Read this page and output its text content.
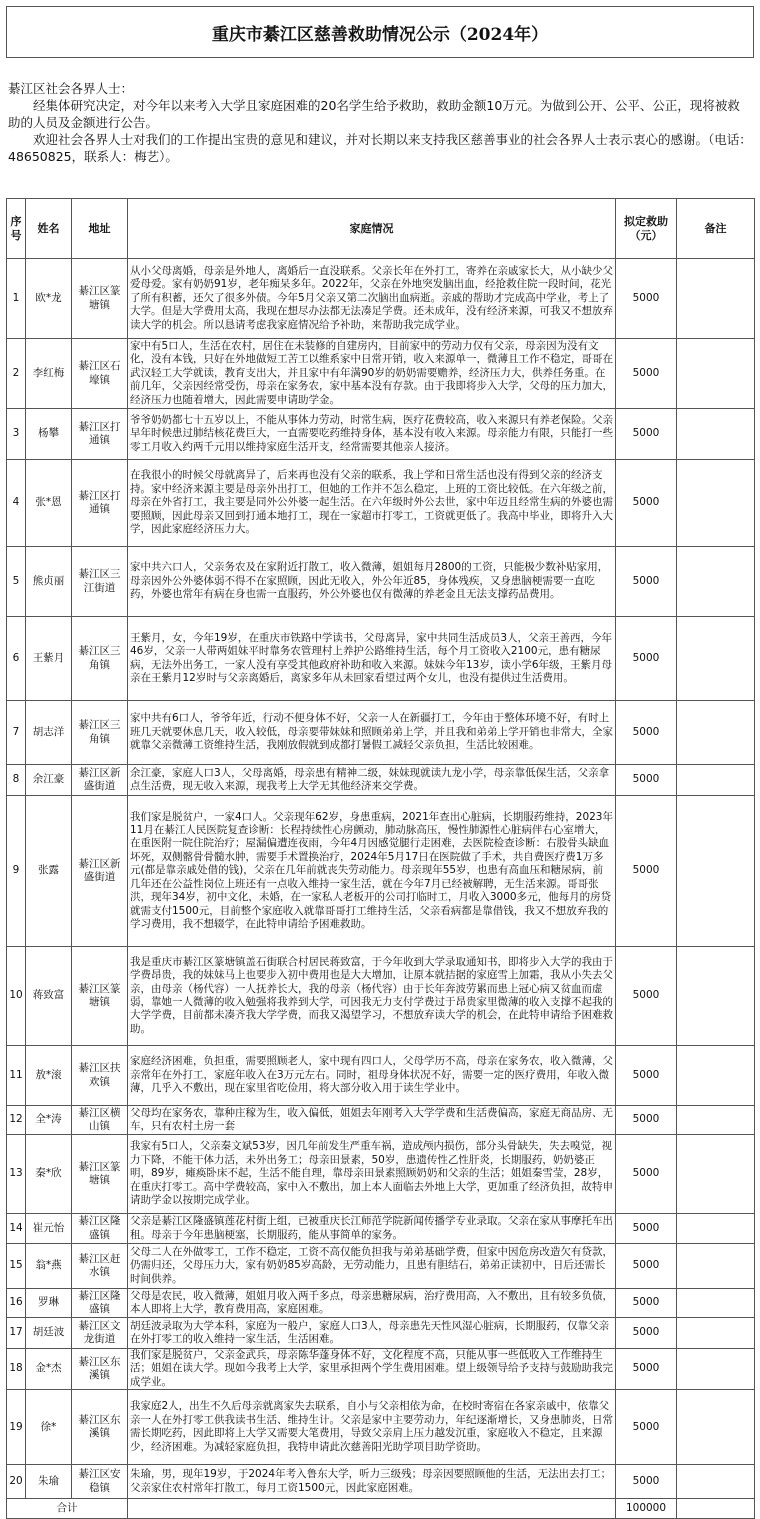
重庆市綦江区慈善救助情况公示（2024年）

綦江区社会各界人士：

经集体研究决定，对今年以来考入大学且家庭困难的20名学生给予救助，救助金额10万元。为做到公开、公平、公正，现将被救助的人员及金额进行公告。

欢迎社会各界人士对我们的工作提出宝贵的意见和建议，并对长期以来支持我区慈善事业的社会各界人士表示衷心的感谢。（电话：48650825，联系人：梅艺）。

序号	姓名	地址	家庭情况	拟定救助（元）	备注
1	欧*龙	綦江区篆塘镇	从小父母离婚，母亲是外地人，离婚后一直没联系。父亲长年在外打工，寄养在亲戚家长大，从小缺少父爱母爱。家有奶奶91岁，老年痴呆多年。2022年，父亲在外地突发脑出血，经抢救住院一段时间，花光了所有积蓄，还欠了很多外债。今年5月父亲又第二次脑出血病逝。亲戚的帮助才完成高中学业，考上了大学。但是大学费用太高，我现在想尽办法都无法凑足学费。还未成年，没有经济来源，可我又不想放弃读大学的机会。所以恳请考虑我家庭情况给予补助，来帮助我完成学业。	5000	
2	李红梅	綦江区石壕镇	家中有5口人，生活在农村，居住在未装修的自建房内，目前家中的劳动力仅有父亲，母亲因为没有文化，没有本钱，只好在外地做短工苦工以维系家中日常开销，收入来源单一，微薄且工作不稳定，哥哥在武汉轻工大学就读，教育支出大，并且家中有年满90岁的奶奶需要赡养，经济压力大，供养任务重。在前几年，父亲因经常受伤，母亲在家务农，家中基本没有存款。由于我即将步入大学，父母的压力加大，经济压力也随着增大，因此需要申请助学金。	5000	
3	杨攀	綦江区打通镇	爷爷奶奶都七十五岁以上，不能从事体力劳动，时常生病，医疗花费较高，收入来源只有养老保险。父亲早年时候患过肺结核花费巨大，一直需要吃药维持身体，基本没有收入来源。母亲能力有限，只能打一些零工月收入约两千元用以维持家庭生活开支，经常需要其他亲人接济。	5000	
4	张*恩	綦江区打通镇	在我很小的时候父母就离异了，后来再也没有父亲的联系，我上学和日常生活也没有得到父亲的经济支持。家中经济来源主要是母亲外出打工，但她的工作并不怎么稳定，上班的工资比较低。在六年级之前，母亲在外省打工，我主要是同外公外婆一起生活。在六年级时外公去世，家中年迈且经常生病的外婆也需要照顾，因此母亲又回到打通本地打工，现在一家超市打零工，工资就更低了。我高中毕业，即将升入大学，因此家庭经济压力大。	5000	
5	熊贞丽	綦江区三江街道	家中共六口人，父亲务农及在家附近打散工，收入微薄，姐姐每月2800的工资，只能极少数补贴家用，母亲因外公外婆体弱不得不在家照顾，因此无收入，外公年近85，身体残疾，又身患脑梗需要一直吃药，外婆也常年有病在身也需一直服药，外公外婆也仅有微薄的养老金且无法支撑药品费用。	5000	
6	王紫月	綦江区三角镇	王紫月，女，今年19岁，在重庆市铁路中学读书，父母离异，家中共同生活成员3人，父亲王善西，今年46岁，父亲一人带两姐妹平时靠务农管理村上养护公路维持生活，每个月工资收入2100元，患有糖尿病，无法外出务工，一家人没有享受其他政府补助和收入来源。妹妹今年13岁，读小学6年级，王紫月母亲在王紫月12岁时与父亲离婚后，离家多年从未回家看望过两个女儿，也没有提供过生活费用。	5000	
7	胡志洋	綦江区三角镇	家中共有6口人，爷爷年近，行动不便身体不好，父亲一人在新疆打工，今年由于整体环境不好，有时上班几天就要休息几天，收入较低，母亲要带妹妹和照顾弟弟上学，并且我和弟弟上学开销也非常大，全家就靠父亲微薄工资维持生活，我刚放假就到成都打暑假工减轻父亲负担，生活比较困难。	5000	
8	余江豪	綦江区新盛街道	余江豪，家庭人口3人，父母离婚，母亲患有精神二级，妹妹现就读九龙小学，母亲靠低保生活，父亲拿点生活费，现无收入来源，现我考上大学无其他经济来交学费。	5000	
9	张露	綦江区新盛街道	我们家是脱贫户，一家4口人。父亲现年62岁，身患重病，2021年查出心脏病，长期服药维持，2023年11月在綦江人民医院复查诊断：长程持续性心房颤动，肺动脉高压，慢性肺源性心脏病伴右心室增大，在重医附一院住院治疗；屋漏偏遭连夜雨，今年4月因感觉腿行走困难，去医院检查诊断：右股骨头缺血坏死，双侧髂骨骨髓水肿，需要手术置换治疗，2024年5月17日在医院做了手术，共自费医疗费1万多元(都是靠亲戚处借的钱)，父亲在几年前就丧失劳动能力。母亲现年55岁，也患有高血压和糖尿病，前几年还在公益性岗位上班还有一点收入维持一家生活，就在今年7月已经被解聘，无生活来源。哥哥张洪，现年34岁，初中文化，未婚，在一家私人老板开的公司打临时工，月收入3000多元，他每月的房贷就需支付1500元，目前整个家庭收入就靠哥哥打工维持生活，父亲看病都是靠借钱，我又不想放弃我的学习费用，我不想辍学，在此特申请给予困难救助。	5000	
10	蒋致富	綦江区篆塘镇	我是重庆市綦江区篆塘镇盖石街联合村居民蒋致富，于今年收到大学录取通知书，即将步入大学的我由于学费昂贵，我的妹妹马上也要步入初中费用也是大大增加，让原本就拮据的家庭雪上加霜，我从小失去父亲，由母亲（杨代容）一人抚养长大，我的母亲（杨代容）由于长年奔波劳累而患上冠心病又贫血而虚弱，靠她一人微薄的收入勉强将我养到大学，可因我无力支付学费过于昂贵家里微薄的收入支撑不起我的大学学费，目前都未凑齐我大学学费，而我又渴望学习，不想放弃读大学的机会，在此特申请给予困难救助。	5000	
11	敖*滚	綦江区扶欢镇	家庭经济困难，负担重，需要照顾老人，家中现有四口人，父母学历不高，母亲在家务农，收入微薄，父亲常年在外打工，家庭年收入在3万元左右。同时，祖母身体状况不好，需要一定的医疗费用，年收入微薄，几乎入不敷出，现在家里省吃俭用，将大部分收入用于读生学业中。	5000	
12	全*涛	綦江区横山镇	父母均在家务农，靠种庄稼为生，收入偏低，姐姐去年刚考入大学学费和生活费偏高，家庭无商品房、无车，只有农村土房一套	5000	
13	秦*欣	綦江区篆塘镇	我家有5口人，父亲秦文斌53岁，因几年前发生严重车祸，造成颅内损伤，部分头骨缺失，失去嗅觉，视力下降，不能干体力活，未外出务工；母亲田景素，50岁，患遗传性乙性肝炎，长期服药，奶奶婆正明，89岁，瘫痪卧床不起，生活不能自理，靠母亲田景素照顾奶奶和父亲的生活；姐姐秦雪莹，28岁，在重庆打零工。高中学费较高，家中入不敷出，加上本人面临去外地上大学，更加重了经济负担，故特申请助学金以按期完成学业。	5000	
14	崔元怡	綦江区隆盛镇	父亲是綦江区隆盛镇莲花村街上组，已被重庆长江师范学院新闻传播学专业录取。父亲在家从事摩托车出租。母亲于今年患脑梗塞，长期服药，能从事简单的家务。	5000	
15	翁*燕	綦江区赶水镇	父母二人在外做零工，工作不稳定，工资不高仅能负担我与弟弟基础学费，但家中因危房改造欠有贷款，仍需归还，父母压力大，家有奶奶85岁高龄，无劳动能力，且患有胆结石，弟弟正读初中，日后还需长时间供养。	5000	
16	罗琳	綦江区隆盛镇	父母是农民，收入微薄，姐姐月收入两千多点，母亲患糖尿病，治疗费用高，入不敷出，且有较多负债，本人即将上大学，教育费用高，家庭困难。	5000	
17	胡廷波	綦江区文龙街道	胡廷波录取为大学本科，家庭为一般户，家庭人口3人，母亲患先天性风湿心脏病，长期服药，仅靠父亲在外打零工的收入维持一家生活，生活困难。	5000	
18	金*杰	綦江区东溪镇	我们家是脱贫户，父亲金武兵，母亲陈华蓬身体不好，文化程度不高，只能从事一些低收入工作维持生活；姐姐在读大学。现如今我考上大学，家里承担两个学生费用困难。望上级领导给予支持与鼓励助我完成学业。	5000	
19	徐*	綦江区东溪镇	我家庭2人，出生不久后母亲就离家失去联系，自小与父亲相依为命，在校时寄宿在各家亲戚中，依靠父亲一人在外打零工供我读书生活、维持生计。父亲是家中主要劳动力，年纪逐渐增长，又身患肺炎，日常需长期吃药，因此即将上大学又需要大笔费用，导致父亲肩上压力越发沉重，家庭收入不稳定，且来源少，经济困难。为减轻家庭负担，我特申请此次慈善阳光助学项目助学资助。	5000	
20	朱瑜	綦江区安稳镇	朱瑜，男，现年19岁，于2024年考入鲁东大学，听力三级残；母亲因要照顾他的生活，无法出去打工；父亲家住农村常年打散工，每月工资1500元，因此家庭困难。	5000	
合计				100000	
